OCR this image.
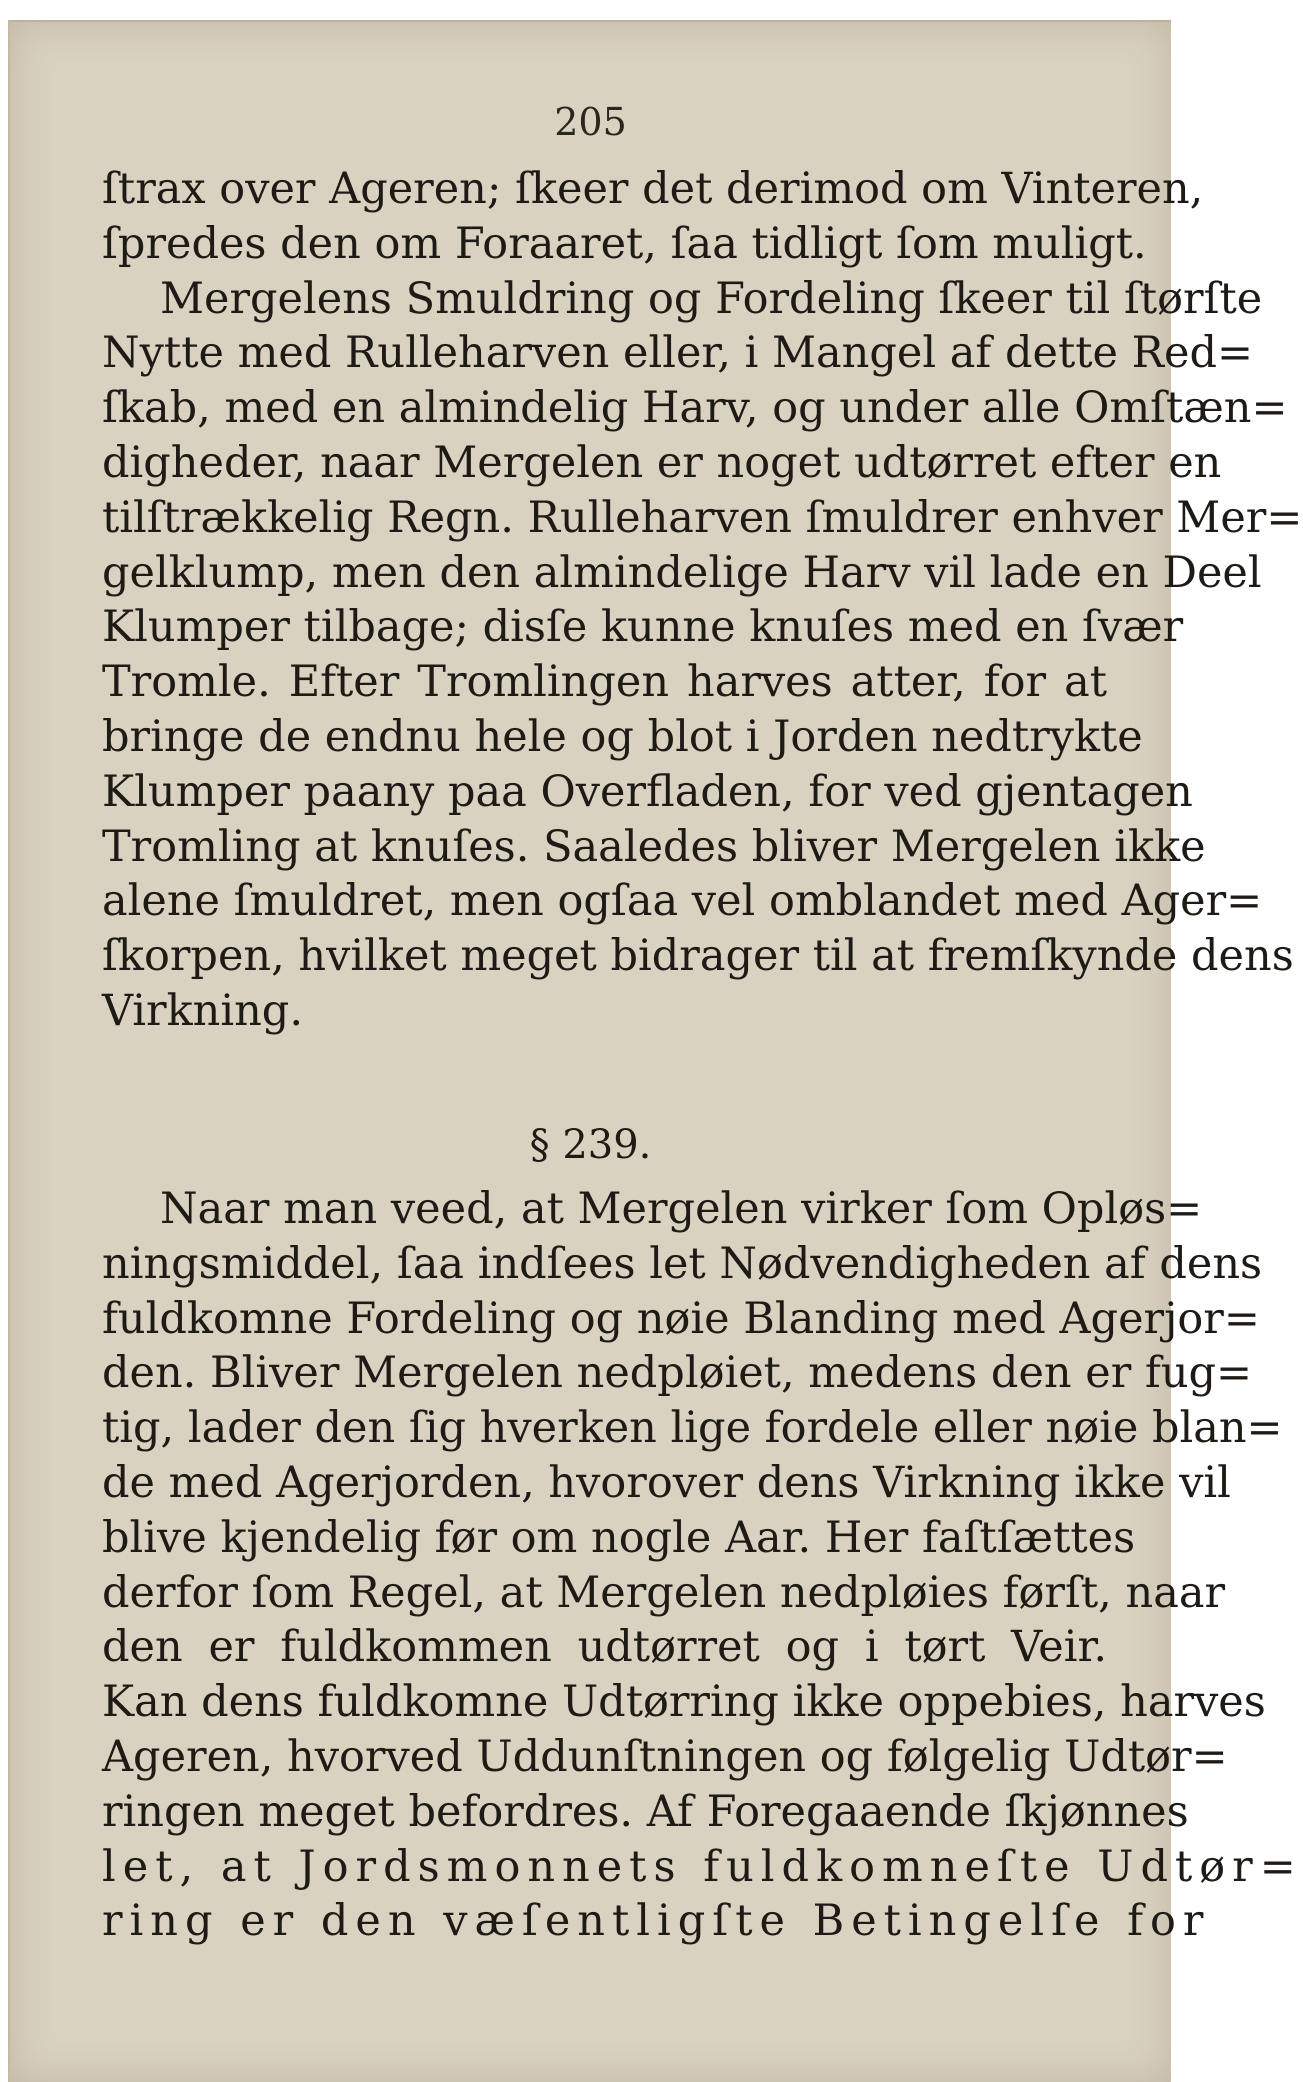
205
ſtrax over Ageren; ſkeer det derimod om Vinteren,
ſpredes den om Foraaret, ſaa tidligt ſom muligt.
Mergelens Smuldring og Fordeling ſkeer til ſtørſte
Nytte med Rulleharven eller, i Mangel af dette Red=
ſkab, med en almindelig Harv, og under alle Omſtæn=
digheder, naar Mergelen er noget udtørret efter en
tilſtrækkelig Regn. Rulleharven ſmuldrer enhver Mer=
gelklump, men den almindelige Harv vil lade en Deel
Klumper tilbage; disſe kunne knuſes med en ſvær
Tromle. Efter Tromlingen harves atter, for at
bringe de endnu hele og blot i Jorden nedtrykte
Klumper paany paa Overfladen, for ved gjentagen
Tromling at knuſes. Saaledes bliver Mergelen ikke
alene ſmuldret, men ogſaa vel omblandet med Ager=
ſkorpen, hvilket meget bidrager til at fremſkynde dens
Virkning.
§ 239.
Naar man veed, at Mergelen virker ſom Opløs=
ningsmiddel, ſaa indſees let Nødvendigheden af dens
fuldkomne Fordeling og nøie Blanding med Agerjor=
den. Bliver Mergelen nedpløiet, medens den er fug=
tig, lader den ſig hverken lige fordele eller nøie blan=
de med Agerjorden, hvorover dens Virkning ikke vil
blive kjendelig før om nogle Aar. Her faſtſættes
derfor ſom Regel, at Mergelen nedpløies førſt, naar
den er fuldkommen udtørret og i tørt Veir.
Kan dens fuldkomne Udtørring ikke oppebies, harves
Ageren, hvorved Uddunſtningen og følgelig Udtør=
ringen meget befordres. Af Foregaaende ſkjønnes
let, at Jordsmonnets fuldkomneſte Udtør=
ring er den væſentligſte Betingelſe for
